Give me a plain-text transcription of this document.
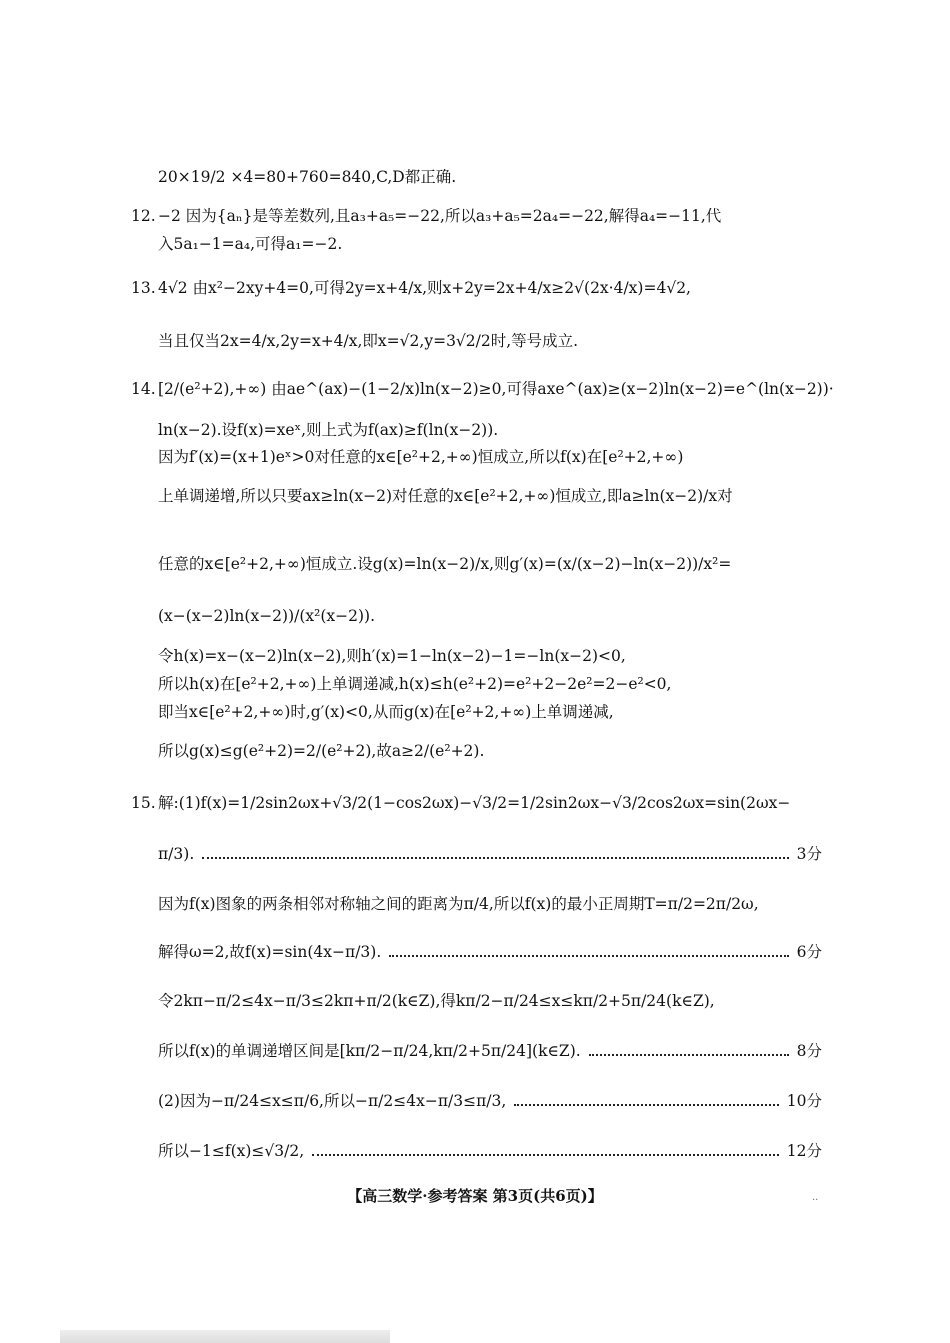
20×19/2 ×4=80+760=840,C,D都正确.
12. −2 因为{aₙ}是等差数列,且a₃+a₅=−22,所以a₃+a₅=2a₄=−22,解得a₄=−11,代
入5a₁−1=a₄,可得a₁=−2.
13. 4√2 由x²−2xy+4=0,可得2y=x+4/x,则x+2y=2x+4/x≥2√(2x·4/x)=4√2,
当且仅当2x=4/x,2y=x+4/x,即x=√2,y=3√2/2时,等号成立.
14. [2/(e²+2),+∞) 由ae^(ax)−(1−2/x)ln(x−2)≥0,可得axe^(ax)≥(x−2)ln(x−2)=e^(ln(x−2))·
ln(x−2).设f(x)=xeˣ,则上式为f(ax)≥f(ln(x−2)).
因为f′(x)=(x+1)eˣ>0对任意的x∈[e²+2,+∞)恒成立,所以f(x)在[e²+2,+∞)
上单调递增,所以只要ax≥ln(x−2)对任意的x∈[e²+2,+∞)恒成立,即a≥ln(x−2)/x对
任意的x∈[e²+2,+∞)恒成立.设g(x)=ln(x−2)/x,则g′(x)=(x/(x−2)−ln(x−2))/x²=
(x−(x−2)ln(x−2))/(x²(x−2)).
令h(x)=x−(x−2)ln(x−2),则h′(x)=1−ln(x−2)−1=−ln(x−2)<0,
所以h(x)在[e²+2,+∞)上单调递减,h(x)≤h(e²+2)=e²+2−2e²=2−e²<0,
即当x∈[e²+2,+∞)时,g′(x)<0,从而g(x)在[e²+2,+∞)上单调递减,
所以g(x)≤g(e²+2)=2/(e²+2),故a≥2/(e²+2).
15. 解:(1)f(x)=1/2sin2ωx+√3/2(1−cos2ωx)−√3/2=1/2sin2ωx−√3/2cos2ωx=sin(2ωx−
因为f(x)图象的两条相邻对称轴之间的距离为π/4,所以f(x)的最小正周期T=π/2=2π/2ω,
令2kπ−π/2≤4x−π/3≤2kπ+π/2(k∈Z),得kπ/2−π/24≤x≤kπ/2+5π/24(k∈Z),
π/3).	3分
解得ω=2,故f(x)=sin(4x−π/3).	6分
所以f(x)的单调递增区间是[kπ/2−π/24,kπ/2+5π/24](k∈Z).	8分
(2)因为−π/24≤x≤π/6,所以−π/2≤4x−π/3≤π/3,	10分
所以−1≤f(x)≤√3/2,	12分
【高三数学·参考答案 第3页(共6页)】	..
